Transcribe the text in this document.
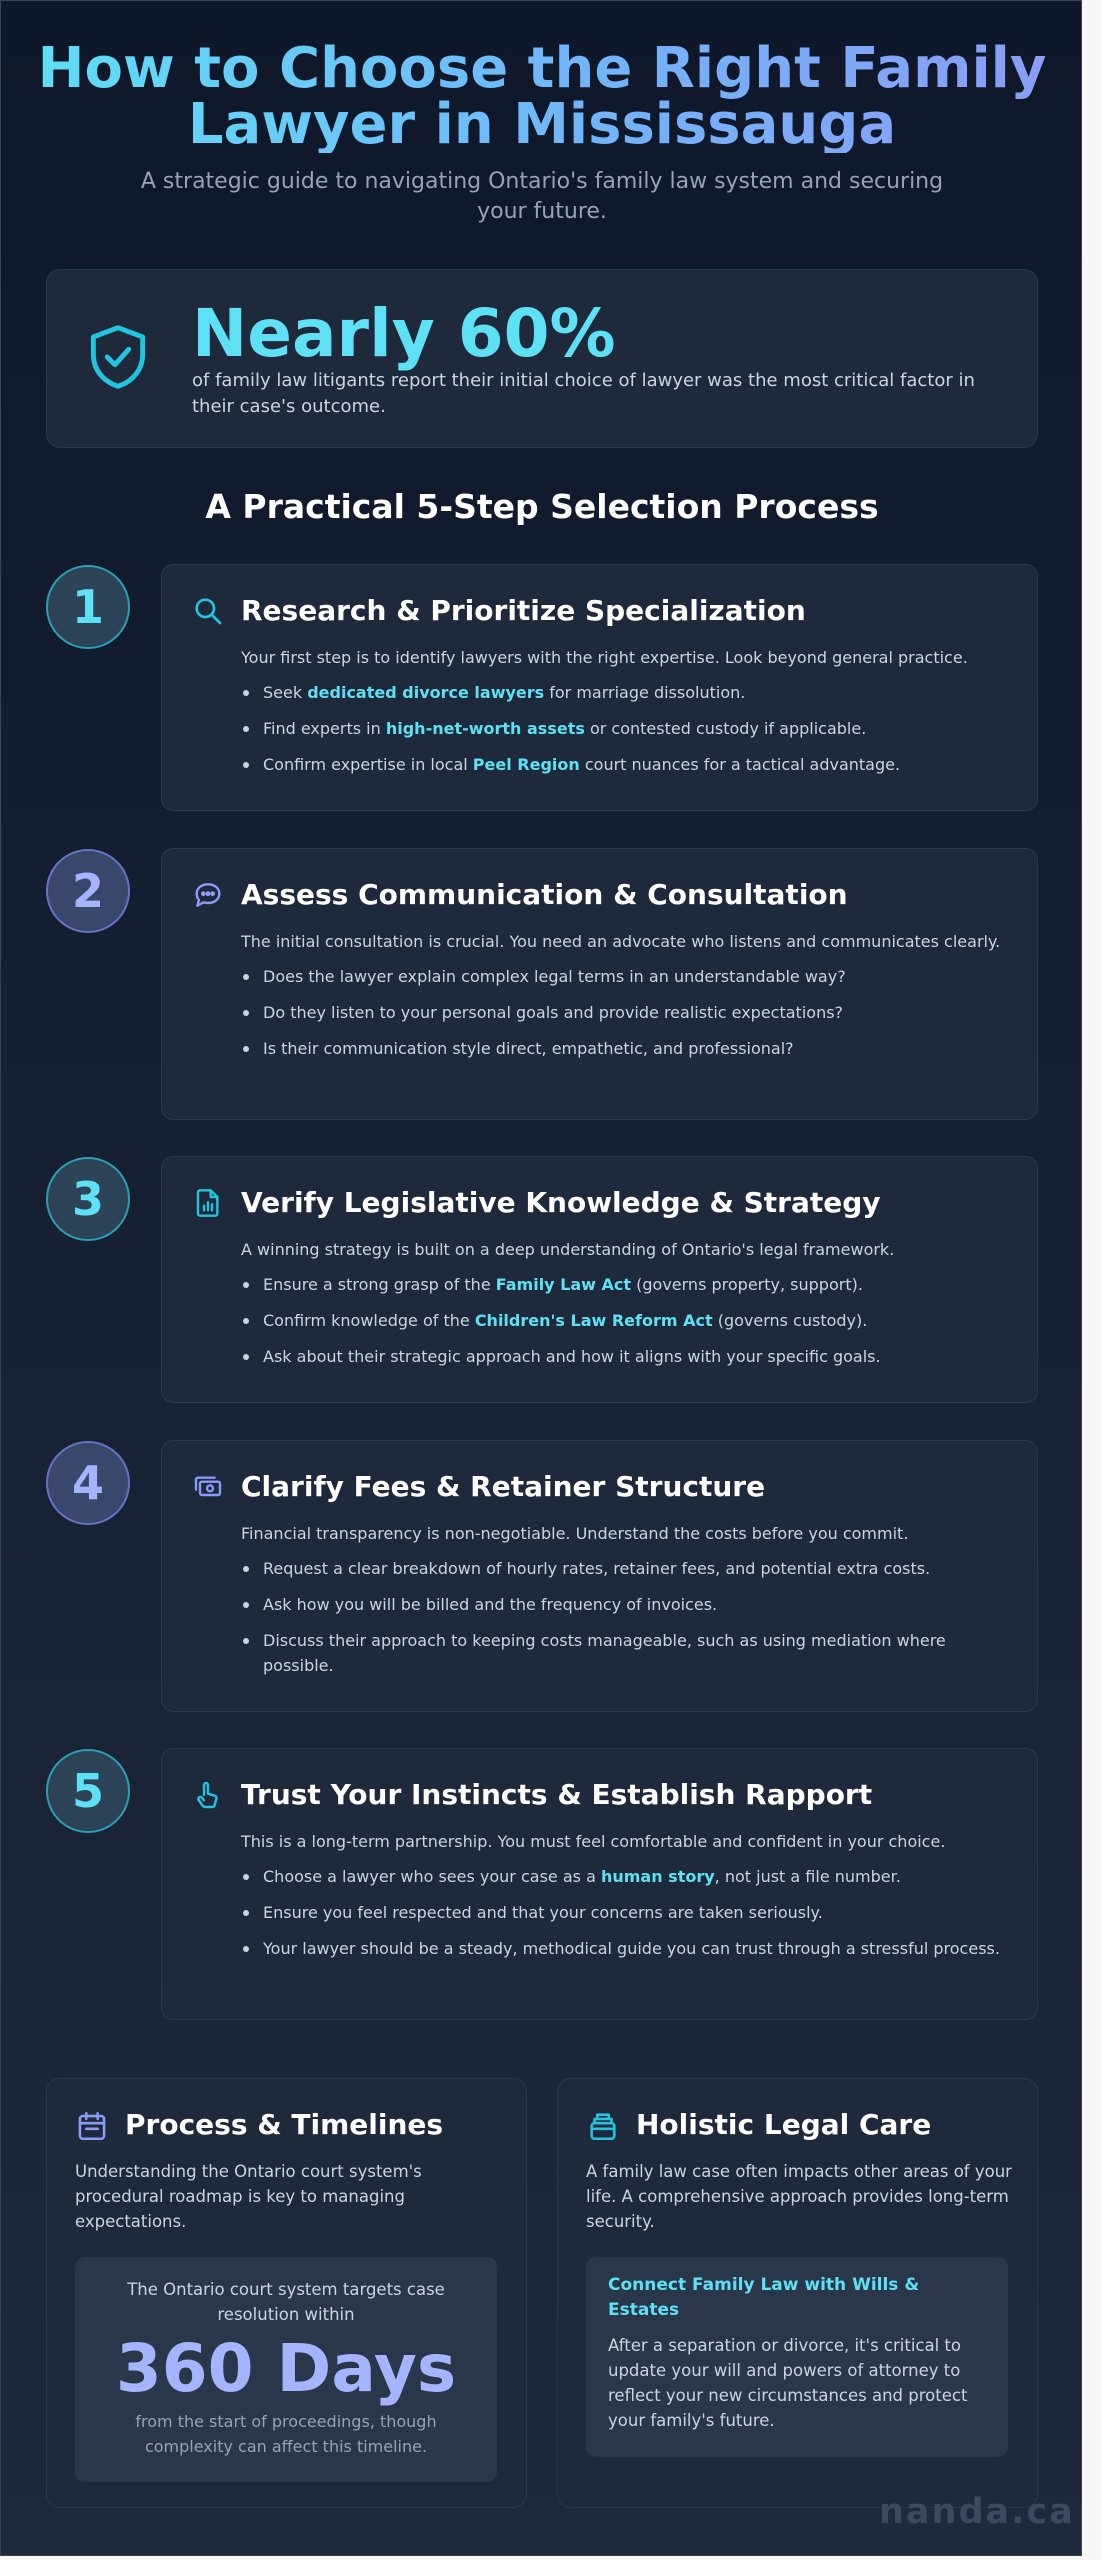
How to Choose the Right Family Lawyer in Mississauga
A strategic guide to navigating Ontario's family law system and securing your future.
Nearly 60%
of family law litigants report their initial choice of lawyer was the most critical factor in their case's outcome.
A Practical 5-Step Selection Process
1	Research & Prioritize Specialization

Your first step is to identify lawyers with the right expertise. Look beyond general practice.

Seek dedicated divorce lawyers for marriage dissolution.
Find experts in high-net-worth assets or contested custody if applicable.
Confirm expertise in local Peel Region court nuances for a tactical advantage.
2	Assess Communication & Consultation

The initial consultation is crucial. You need an advocate who listens and communicates clearly.

Does the lawyer explain complex legal terms in an understandable way?
Do they listen to your personal goals and provide realistic expectations?
Is their communication style direct, empathetic, and professional?
3	Verify Legislative Knowledge & Strategy

A winning strategy is built on a deep understanding of Ontario's legal framework.

Ensure a strong grasp of the Family Law Act (governs property, support).
Confirm knowledge of the Children's Law Reform Act (governs custody).
Ask about their strategic approach and how it aligns with your specific goals.
4	Clarify Fees & Retainer Structure

Financial transparency is non-negotiable. Understand the costs before you commit.

Request a clear breakdown of hourly rates, retainer fees, and potential extra costs.
Ask how you will be billed and the frequency of invoices.
Discuss their approach to keeping costs manageable, such as using mediation where possible.
5	Trust Your Instincts & Establish Rapport

This is a long-term partnership. You must feel comfortable and confident in your choice.

Choose a lawyer who sees your case as a human story, not just a file number.
Ensure you feel respected and that your concerns are taken seriously.
Your lawyer should be a steady, methodical guide you can trust through a stressful process.
Process & Timelines
Understanding the Ontario court system's procedural roadmap is key to managing expectations.
The Ontario court system targets case resolution within
360 Days
from the start of proceedings, though complexity can affect this timeline.
Holistic Legal Care
A family law case often impacts other areas of your life. A comprehensive approach provides long-term security.
Connect Family Law with Wills & Estates
After a separation or divorce, it's critical to update your will and powers of attorney to reflect your new circumstances and protect your family's future.
nanda.ca
